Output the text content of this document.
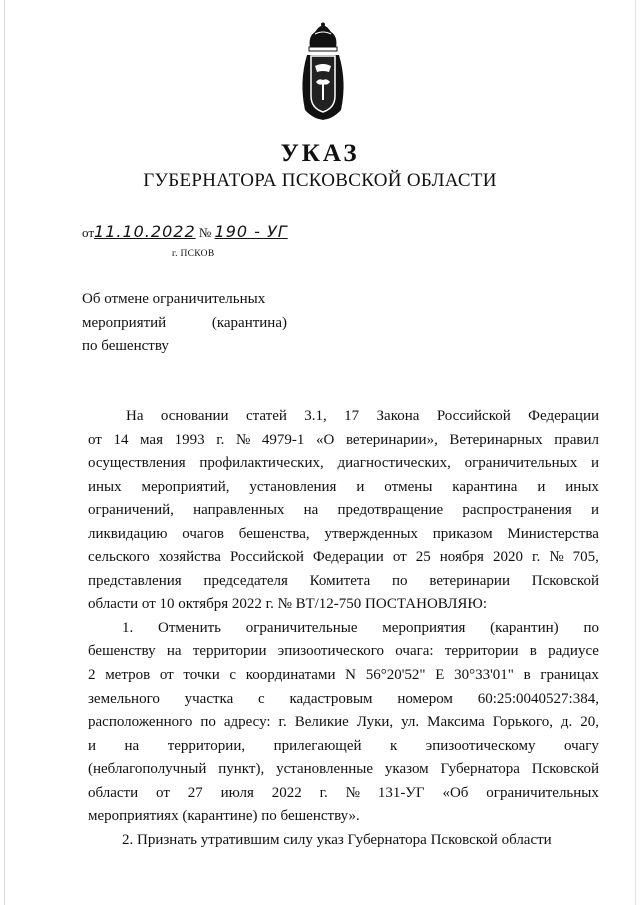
УКАЗ
ГУБЕРНАТОРА ПСКОВСКОЙ ОБЛАСТИ
от11.10.2022 № 190 - УГ
г. ПСКОВ
Об отмене ограничительных
мероприятий	(карантина)
по бешенству
На основании статей 3.1, 17 Закона Российской Федерации
от 14 мая 1993 г. № 4979-1 «О ветеринарии», Ветеринарных правил
осуществления профилактических, диагностических, ограничительных и
иных мероприятий, установления и отмены карантина и иных
ограничений, направленных на предотвращение распространения и
ликвидацию очагов бешенства, утвержденных приказом Министерства
сельского хозяйства Российской Федерации от 25 ноября 2020 г. № 705,
представления председателя Комитета по ветеринарии Псковской
области от 10 октября 2022 г. № ВТ/12-750 ПОСТАНОВЛЯЮ:
1. Отменить ограничительные мероприятия (карантин) по
бешенству на территории эпизоотического очага: территории в радиусе
2 метров от точки с координатами N 56°20'52" E 30°33'01" в границах
земельного участка с кадастровым номером 60:25:0040527:384,
расположенного по адресу: г. Великие Луки, ул. Максима Горького, д. 20,
и на территории, прилегающей к эпизоотическому очагу
(неблагополучный пункт), установленные указом Губернатора Псковской
области от 27 июля 2022 г. № 131-УГ «Об ограничительных
мероприятиях (карантине) по бешенству».
2. Признать утратившим силу указ Губернатора Псковской области
